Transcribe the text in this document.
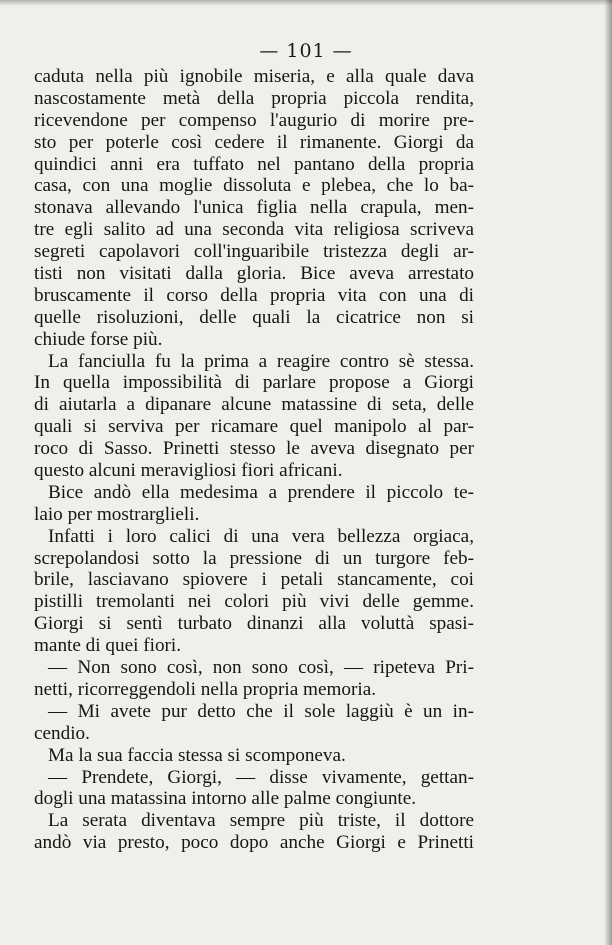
— 101 —
caduta nella più ignobile miseria, e alla quale dava
nascostamente metà della propria piccola rendita,
ricevendone per compenso l'augurio di morire pre-
sto per poterle così cedere il rimanente. Giorgi da
quindici anni era tuffato nel pantano della propria
casa, con una moglie dissoluta e plebea, che lo ba-
stonava allevando l'unica figlia nella crapula, men-
tre egli salito ad una seconda vita religiosa scriveva
segreti capolavori coll'inguaribile tristezza degli ar-
tisti non visitati dalla gloria. Bice aveva arrestato
bruscamente il corso della propria vita con una di
quelle risoluzioni, delle quali la cicatrice non si
chiude forse più.
La fanciulla fu la prima a reagire contro sè stessa.
In quella impossibilità di parlare propose a Giorgi
di aiutarla a dipanare alcune matassine di seta, delle
quali si serviva per ricamare quel manipolo al par-
roco di Sasso. Prinetti stesso le aveva disegnato per
questo alcuni meravigliosi fiori africani.
Bice andò ella medesima a prendere il piccolo te-
laio per mostrarglieli.
Infatti i loro calici di una vera bellezza orgiaca,
screpolandosi sotto la pressione di un turgore feb-
brile, lasciavano spiovere i petali stancamente, coi
pistilli tremolanti nei colori più vivi delle gemme.
Giorgi si sentì turbato dinanzi alla voluttà spasi-
mante di quei fiori.
— Non sono così, non sono così, — ripeteva Pri-
netti, ricorreggendoli nella propria memoria.
— Mi avete pur detto che il sole laggiù è un in-
cendio.
Ma la sua faccia stessa si scomponeva.
— Prendete, Giorgi, — disse vivamente, gettan-
dogli una matassina intorno alle palme congiunte.
La serata diventava sempre più triste, il dottore
andò via presto, poco dopo anche Giorgi e Prinetti
